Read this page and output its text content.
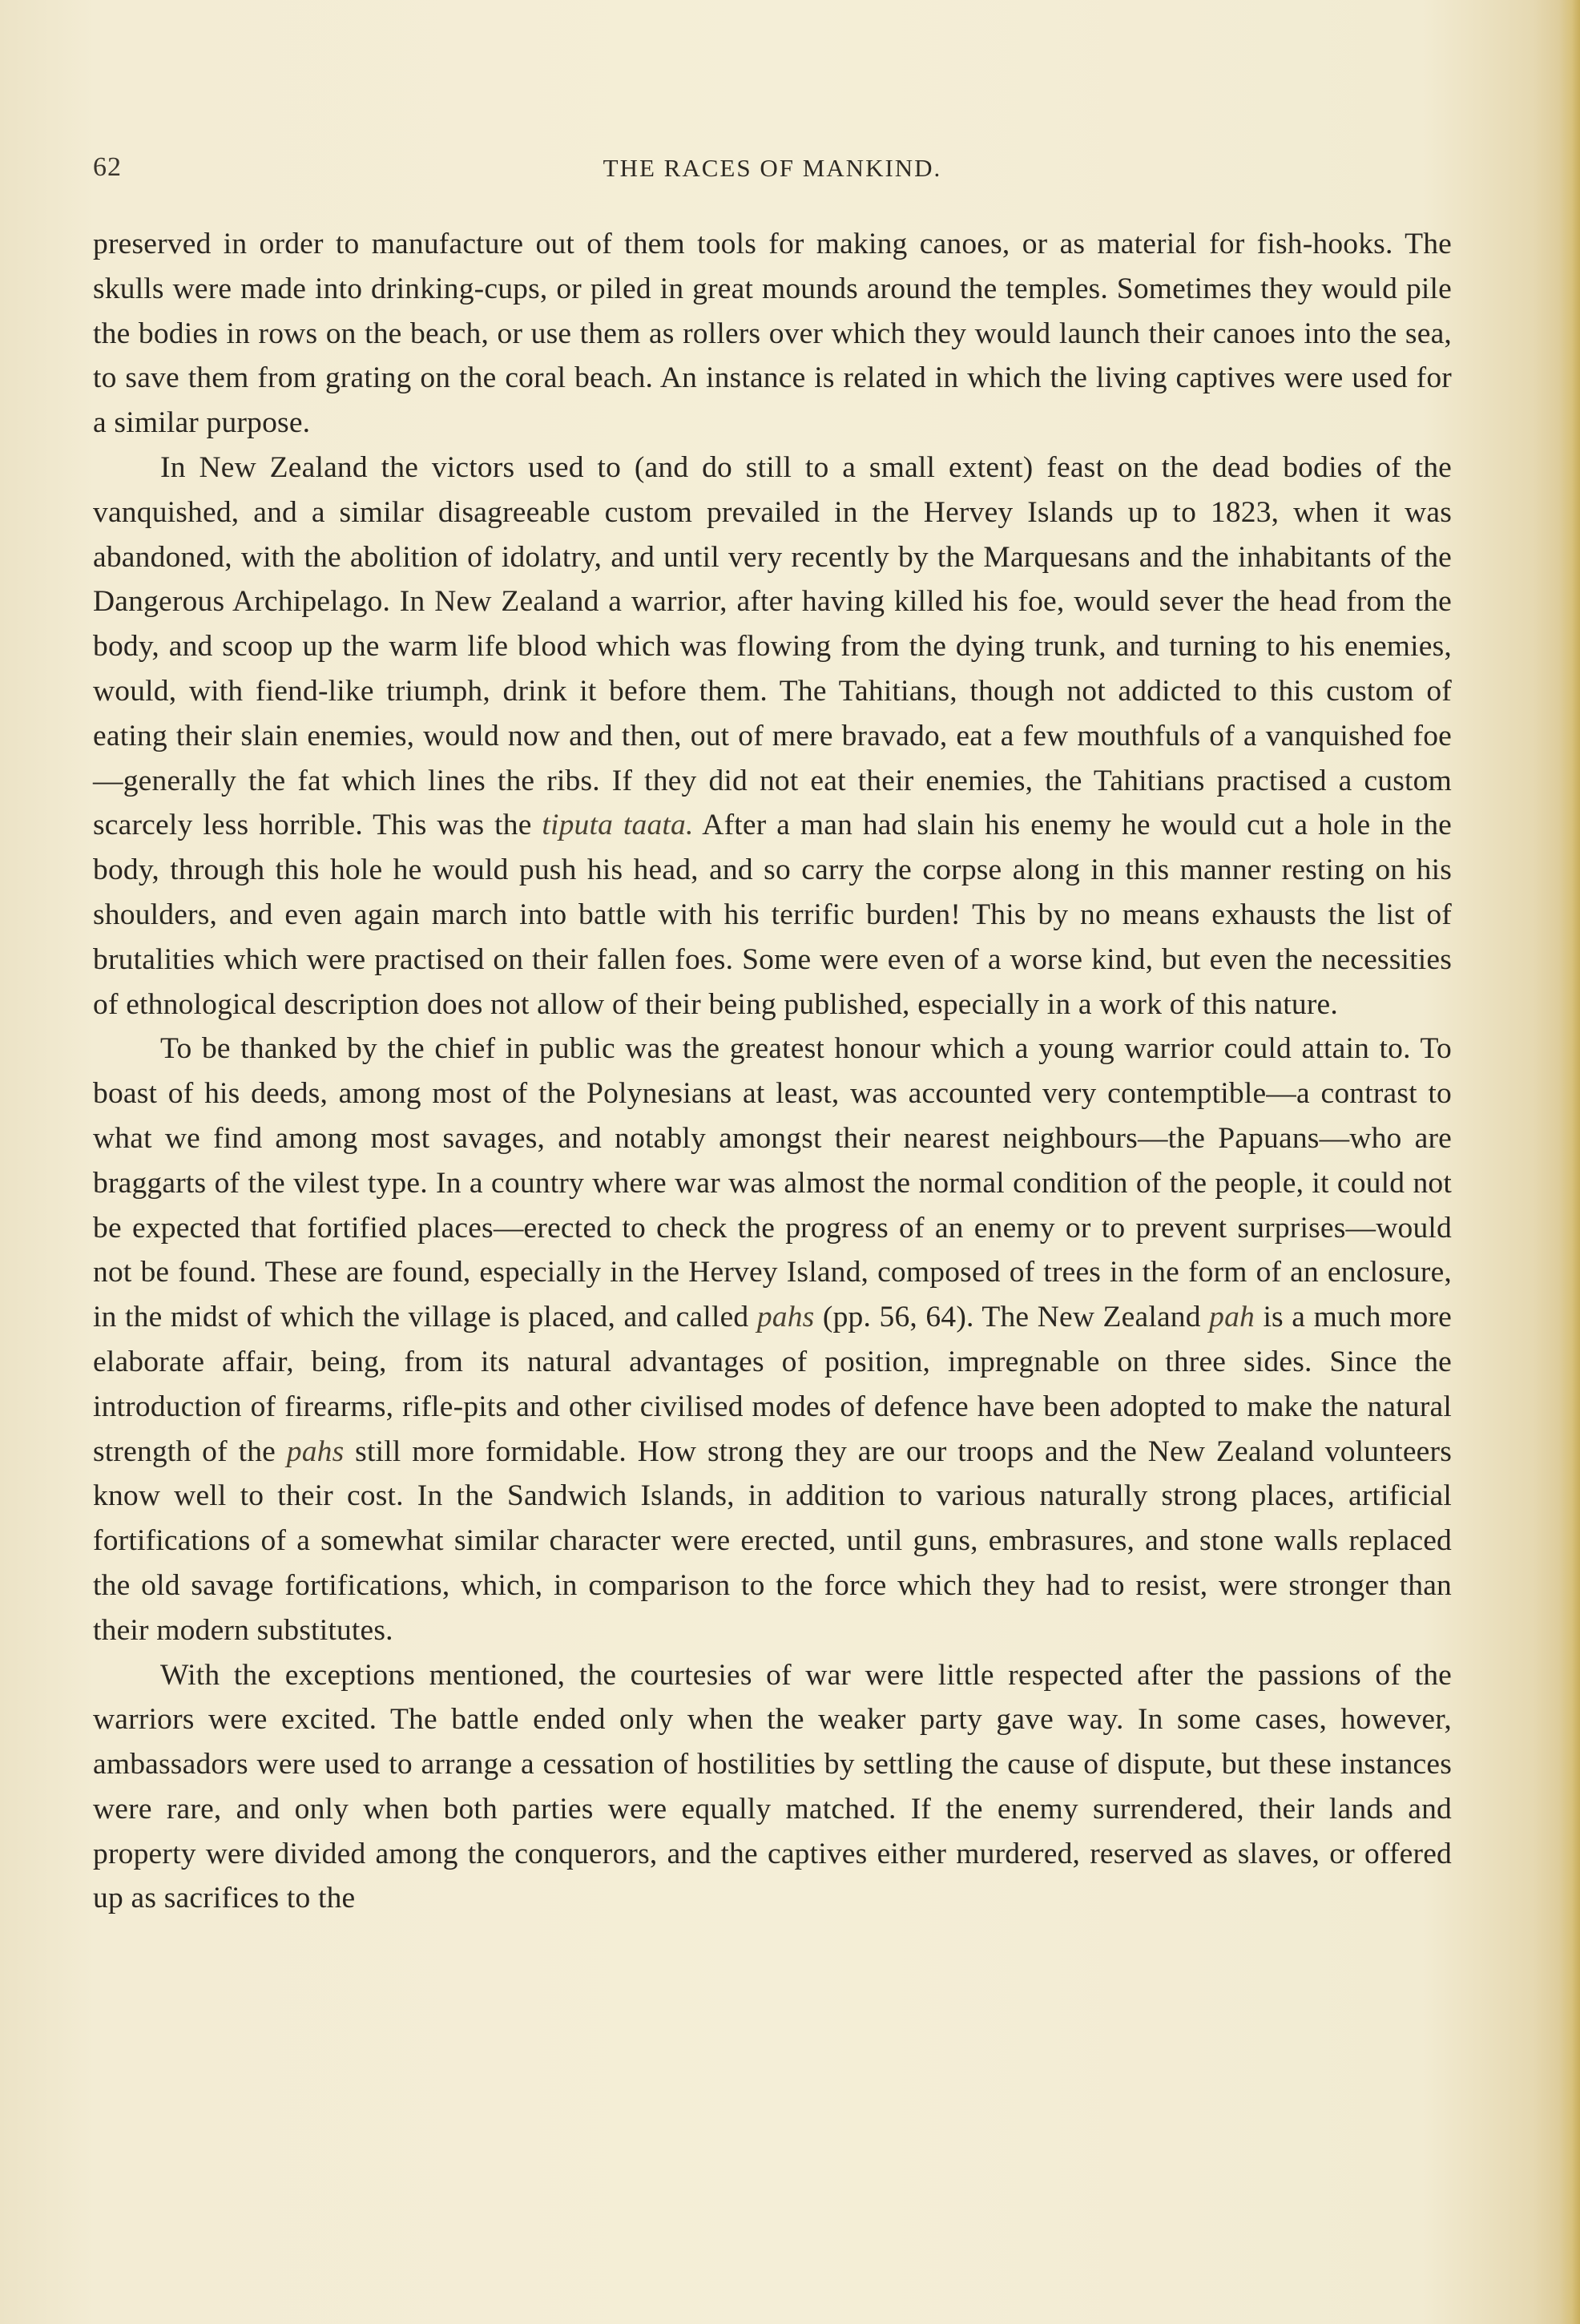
62	THE RACES OF MANKIND.

preserved in order to manufacture out of them tools for making canoes, or as material for fish-hooks. The skulls were made into drinking-cups, or piled in great mounds around the temples. Sometimes they would pile the bodies in rows on the beach, or use them as rollers over which they would launch their canoes into the sea, to save them from grating on the coral beach. An instance is related in which the living captives were used for a similar purpose.

In New Zealand the victors used to (and do still to a small extent) feast on the dead bodies of the vanquished, and a similar disagreeable custom prevailed in the Hervey Islands up to 1823, when it was abandoned, with the abolition of idolatry, and until very recently by the Marquesans and the inhabitants of the Dangerous Archipelago. In New Zealand a warrior, after having killed his foe, would sever the head from the body, and scoop up the warm life blood which was flowing from the dying trunk, and turning to his enemies, would, with fiend-like triumph, drink it before them. The Tahitians, though not addicted to this custom of eating their slain enemies, would now and then, out of mere bravado, eat a few mouthfuls of a vanquished foe—generally the fat which lines the ribs. If they did not eat their enemies, the Tahitians practised a custom scarcely less horrible. This was the tiputa taata. After a man had slain his enemy he would cut a hole in the body, through this hole he would push his head, and so carry the corpse along in this manner resting on his shoulders, and even again march into battle with his terrific burden! This by no means exhausts the list of brutalities which were practised on their fallen foes. Some were even of a worse kind, but even the necessities of ethnological description does not allow of their being published, especially in a work of this nature.

To be thanked by the chief in public was the greatest honour which a young warrior could attain to. To boast of his deeds, among most of the Polynesians at least, was accounted very contemptible—a contrast to what we find among most savages, and notably amongst their nearest neighbours—the Papuans—who are braggarts of the vilest type. In a country where war was almost the normal condition of the people, it could not be expected that fortified places—erected to check the progress of an enemy or to prevent surprises—would not be found. These are found, especially in the Hervey Island, composed of trees in the form of an enclosure, in the midst of which the village is placed, and called pahs (pp. 56, 64). The New Zealand pah is a much more elaborate affair, being, from its natural advantages of position, impregnable on three sides. Since the introduction of firearms, rifle-pits and other civilised modes of defence have been adopted to make the natural strength of the pahs still more formidable. How strong they are our troops and the New Zealand volunteers know well to their cost. In the Sandwich Islands, in addition to various naturally strong places, artificial fortifications of a somewhat similar character were erected, until guns, embrasures, and stone walls replaced the old savage fortifications, which, in comparison to the force which they had to resist, were stronger than their modern substitutes.

With the exceptions mentioned, the courtesies of war were little respected after the passions of the warriors were excited. The battle ended only when the weaker party gave way. In some cases, however, ambassadors were used to arrange a cessation of hostilities by settling the cause of dispute, but these instances were rare, and only when both parties were equally matched. If the enemy surrendered, their lands and property were divided among the conquerors, and the captives either murdered, reserved as slaves, or offered up as sacrifices to the
